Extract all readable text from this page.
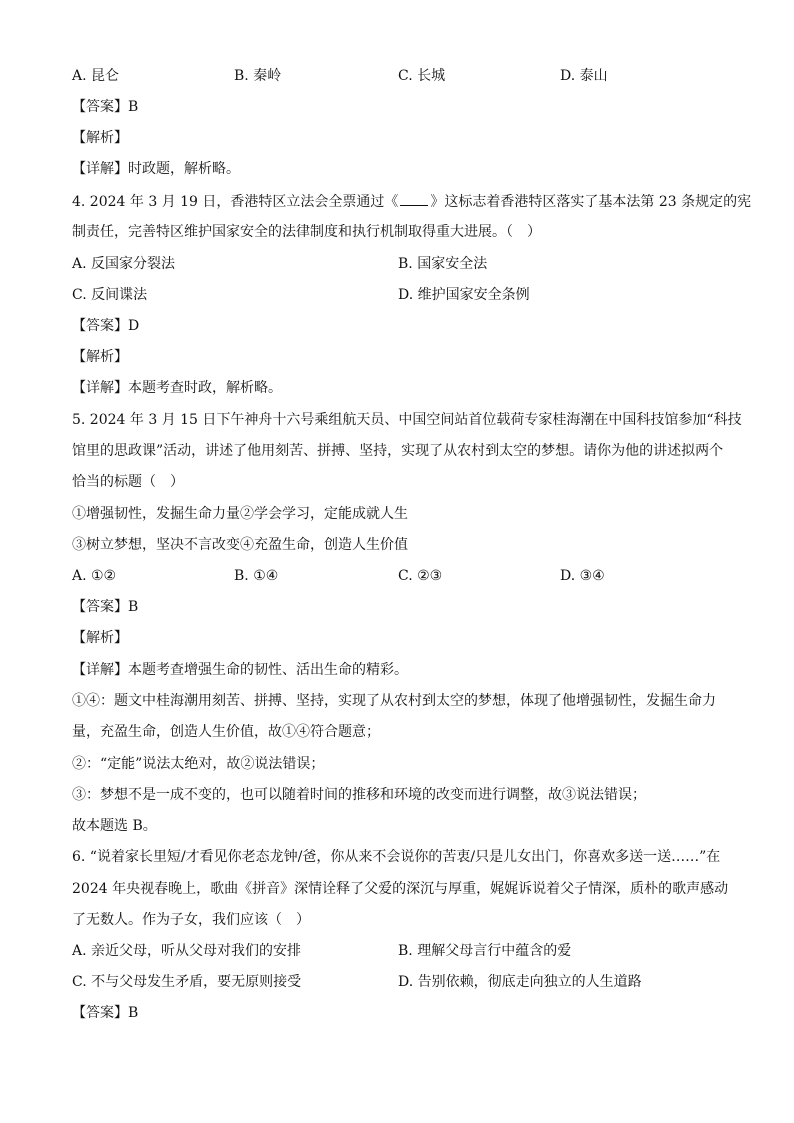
A. 昆仑	B. 秦岭	C. 长城	D. 泰山
【答案】B
【解析】
【详解】时政题，解析略。
4. 2024 年 3 月 19 日，香港特区立法会全票通过《 》这标志着香港特区落实了基本法第 23 条规定的宪
制责任，完善特区维护国家安全的法律制度和执行机制取得重大进展。（　）
A. 反国家分裂法	B. 国家安全法
C. 反间谍法	D. 维护国家安全条例
【答案】D
【解析】
【详解】本题考查时政，解析略。
5. 2024 年 3 月 15 日下午神舟十六号乘组航天员、中国空间站首位载荷专家桂海潮在中国科技馆参加“科技
馆里的思政课”活动，讲述了他用刻苦、拼搏、坚持，实现了从农村到太空的梦想。请你为他的讲述拟两个
恰当的标题（　）
①增强韧性，发掘生命力量②学会学习，定能成就人生
③树立梦想，坚决不言改变④充盈生命，创造人生价值
A. ①②	B. ①④	C. ②③	D. ③④
【答案】B
【解析】
【详解】本题考查增强生命的韧性、活出生命的精彩。
①④：题文中桂海潮用刻苦、拼搏、坚持，实现了从农村到太空的梦想，体现了他增强韧性，发掘生命力
量，充盈生命，创造人生价值，故①④符合题意；
②：“定能”说法太绝对，故②说法错误；
③：梦想不是一成不变的，也可以随着时间的推移和环境的改变而进行调整，故③说法错误；
故本题选 B。
6. “说着家长里短/才看见你老态龙钟/爸，你从来不会说你的苦衷/只是儿女出门，你喜欢多送一送……”在
2024 年央视春晚上，歌曲《拼音》深情诠释了父爱的深沉与厚重，娓娓诉说着父子情深，质朴的歌声感动
了无数人。作为子女，我们应该（　）
A. 亲近父母，听从父母对我们的安排	B. 理解父母言行中蕴含的爱
C. 不与父母发生矛盾，要无原则接受	D. 告别依赖，彻底走向独立的人生道路
【答案】B
